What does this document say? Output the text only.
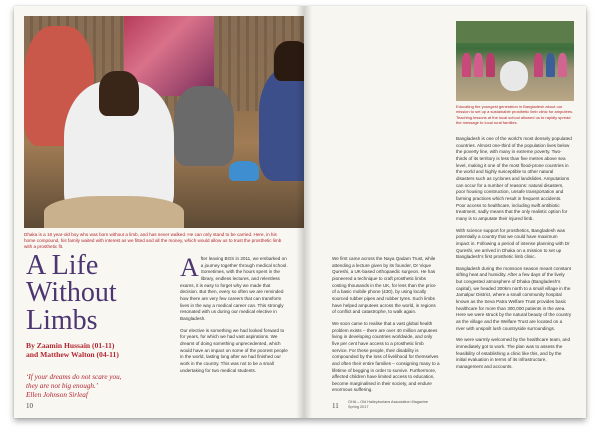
Dhaka is a 18 year-old boy who was born without a limb, and has never walked. He can only stand to be carried. Here, in his home compound, his family waited with interest as we fitted and all the money, which would allow us to trust the prosthetic limb with a prosthetic fit.
A Life Without Limbs
By Zaamin Hussain (01-11)
and Matthew Walton (04-11)
‘If your dreams do not scare you,
they are not big enough.’
Ellen Johnson Sirleaf

After leaving BGS in 2011, we embarked on a journey together through medical school. Sometimes, with the hours spent in the library, endless lectures, and relentless exams, it is easy to forget why we made that decision. But then, every so often we are reminded how there are very few careers that can transform lives in the way a medical career can. This strongly resonated with us during our medical elective in Bangladesh.

Our elective is something we had looked forward to for years, for which we had vast aspirations. We dreamt of doing something unprecedented, which would have an impact on some of the poorest people in the world, lasting long after we had finished our work in the country. This was not to be a small undertaking for two medical students.

10
Educating the youngest generation in Bangladesh about our mission to set up a sustainable prosthetic limb clinic for amputees. Teaching lessons at the local school allowed us to rapidly spread the message to local rural families.

We first came across the Naya Qadam Trust, while attending a lecture given by its founder, Dr Vique Qureshi, a UK-based orthopaedic surgeon. He has pioneered a technique to craft prosthetic limbs costing thousands in the UK, for less than the price of a basic mobile phone (£30), by using locally sourced rubber pipes and rubber tyres. Such limbs have helped amputees across the world, in regions of conflict and catastrophe, to walk again.

We soon came to realise that a vast global health problem exists – there are over 40 million amputees living in developing countries worldwide, and only five per cent have access to a prosthetic limb service. For these people, their disability is compounded by the loss of livelihood for themselves and often their entire families – consigning many to a lifetime of begging in order to survive. Furthermore, affected children have limited access to education, become marginalised in their society, and endure enormous suffering.

Bangladesh is one of the world’s most densely populated countries. Almost one-third of the population lives below the poverty line, with many in extreme poverty. Two-thirds of its territory is less than five metres above sea level, making it one of the most flood-prone countries in the world and highly susceptible to other natural disasters such as cyclones and landslides. Amputations can occur for a number of reasons: natural disasters, poor housing construction, unsafe transportation and farming practices which result in frequent accidents. Poor access to healthcare, including swift antibiotic treatment, sadly means that the only realistic option for many is to amputate their injured limb.

With science support for prosthetics, Bangladesh was potentially a country that we could have maximum impact in. Following a period of intense planning with Dr Qureshi, we arrived in Dhaka on a mission to set up Bangladesh’s first prosthetic limb clinic.

Bangladesh during the monsoon season meant constant sifting heat and humidity. After a few days of the lively but congested atmosphere of Dhaka (Bangladesh’s capital), we headed 300km north to a small village in the Jamalpur District, where a small community hospital known as the Seva Patra Welfare Trust provides basic healthcare for more than 300,000 patients in the area. Here we were struck by the natural beauty of the country as the village and the Welfare Trust are located on a river with unspoilt lush countryside surroundings.

We were warmly welcomed by the healthcare team, and immediately got to work. The plan was to assess the feasibility of establishing a clinic like this, and by the initial evaluation in terms of its infrastructure, management and accounts.

11 OHA – Old Haileyburians Association Magazine
Spring 2017
